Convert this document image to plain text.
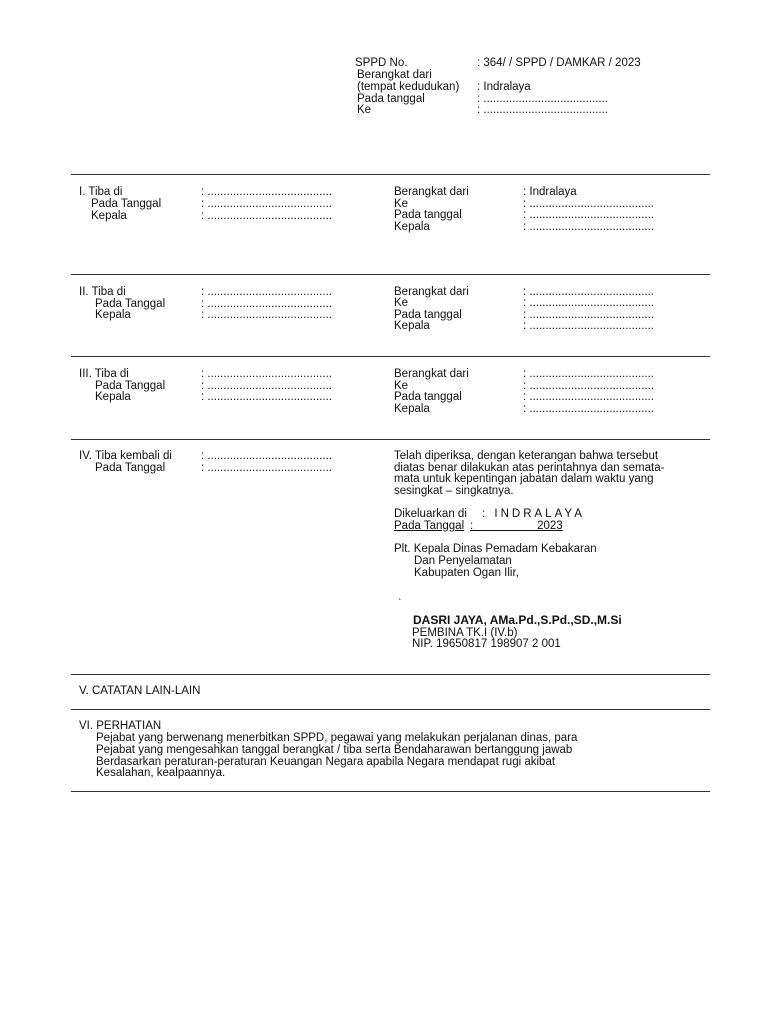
SPPD No.	: 364/ / SPPD / DAMKAR / 2023
Berangkat dari
(tempat kedudukan) : Indralaya
Pada tanggal	: .......................................
Ke	: .......................................
I. Tiba di	: .......................................
Pada Tanggal	: .......................................
Kepala	: .......................................
Berangkat dari	: Indralaya
Ke	: .......................................
Pada tanggal	: .......................................
Kepala	: .......................................
II. Tiba di	: .......................................
Pada Tanggal	: .......................................
Kepala	: .......................................
Berangkat dari	: .......................................
Ke	: .......................................
Pada tanggal	: .......................................
Kepala	: .......................................
III. Tiba di	: .......................................
Pada Tanggal	: .......................................
Kepala	: .......................................
Berangkat dari	: .......................................
Ke	: .......................................
Pada tanggal	: .......................................
Kepala	: .......................................
IV. Tiba kembali di	: .......................................
Pada Tanggal	: .......................................
Telah diperiksa, dengan keterangan bahwa tersebut
diatas benar dilakukan atas perintahnya dan semata-
mata untuk kepentingan jabatan dalam waktu yang
sesingkat – singkatnya.
Dikeluarkan di : INDRALAYA
Pada Tanggal :                    2023
Plt. Kepala Dinas Pemadam Kebakaran
Dan Penyelamatan
Kabupaten Ogan Ilir,
`
DASRI JAYA, AMa.Pd.,S.Pd.,SD.,M.Si
PEMBINA TK.I (IV.b)
NIP. 19650817 198907 2 001
V. CATATAN LAIN-LAIN
VI. PERHATIAN
Pejabat yang berwenang menerbitkan SPPD, pegawai yang melakukan perjalanan dinas, para
Pejabat yang mengesahkan tanggal berangkat / tiba serta Bendaharawan bertanggung jawab
Berdasarkan peraturan-peraturan Keuangan Negara apabila Negara mendapat rugi akibat
Kesalahan, kealpaannya.
